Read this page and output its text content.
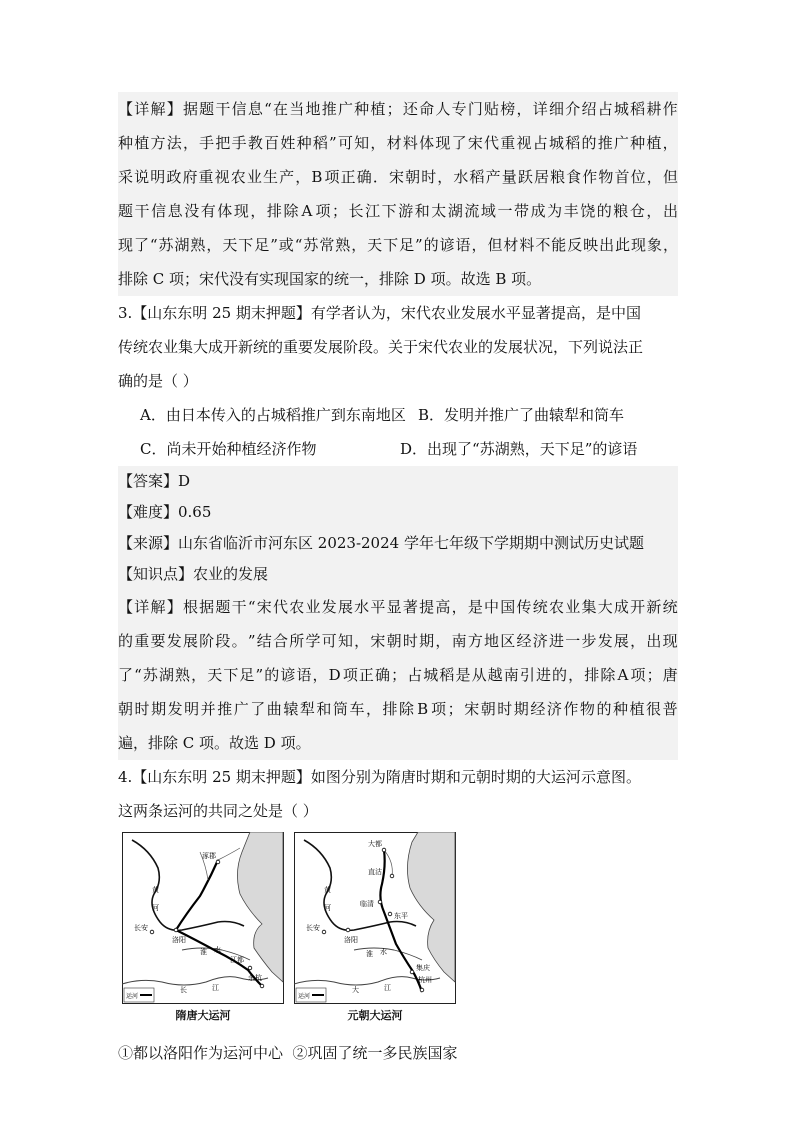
【 详 解 】 据 题 干 信 息 “ 在 当 地 推 广 种 植 ； 还 命 人 专 门 贴 榜 ， 详 细 介 绍 占 城 稻 耕 作
种 植 方 法 ， 手 把 手 教 百 姓 种 稻 ” 可 知 ， 材 料 体 现 了 宋 代 重 视 占 城 稻 的 推 广 种 植 ，
采 说 明 政 府 重 视 农 业 生 产 ， B 项 正 确 ． 宋 朝 时 ， 水 稻 产 量 跃 居 粮 食 作 物 首 位 ， 但
题 干 信 息 没 有 体 现 ， 排 除 A 项 ； 长 江 下 游 和 太 湖 流 域 一 带 成 为 丰 饶 的 粮 仓 ， 出
现 了 “ 苏 湖 熟 ， 天 下 足 ” 或 “ 苏 常 熟 ， 天 下 足 ” 的 谚 语 ， 但 材 料 不 能 反 映 出 此 现 象 ，
排除 C 项；宋代没有实现国家的统一，排除 D 项。故选 B 项。
3.【山东东明 25 期末押题】有学者认为，宋代农业发展水平显著提高，是中国
传统农业集大成开新统的重要发展阶段。关于宋代农业的发展状况，下列说法正
确的是（ ）
A．由日本传入的占城稻推广到东南地区 B．发明并推广了曲辕犁和筒车
C．尚未开始种植经济作物	D．出现了“苏湖熟，天下足”的谚语
【答案】D
【难度】0.65
【来源】山东省临沂市河东区 2023-2024 学年七年级下学期期中测试历史试题
【知识点】农业的发展
【 详 解 】 根 据 题 干 “ 宋 代 农 业 发 展 水 平 显 著 提 高 ， 是 中 国 传 统 农 业 集 大 成 开 新 统
的 重 要 发 展 阶 段 。 ” 结 合 所 学 可 知 ， 宋 朝 时 期 ， 南 方 地 区 经 济 进 一 步 发 展 ， 出 现
了 “ 苏 湖 熟 ， 天 下 足 ” 的 谚 语 ， D 项 正 确 ； 占 城 稻 是 从 越 南 引 进 的 ， 排 除 A 项 ； 唐
朝 时 期 发 明 并 推 广 了 曲 辕 犁 和 筒 车 ， 排 除 B 项 ； 宋 朝 时 期 经 济 作 物 的 种 植 很 普
遍，排除 C 项。故选 D 项。
4.【山东东明 25 期末押题】如图分别为隋唐时期和元朝时期的大运河示意图。
这两条运河的共同之处是（ ）
涿郡
黄
河
长安
洛阳
淮 水
江都
长	江
余杭
运河
隋唐大运河
大都
直沽
黄
河	临清
东平
长安
洛阳
淮 水
集庆
大	江
杭州
运河
元朝大运河
①都以洛阳作为运河中心  ②巩固了统一多民族国家
